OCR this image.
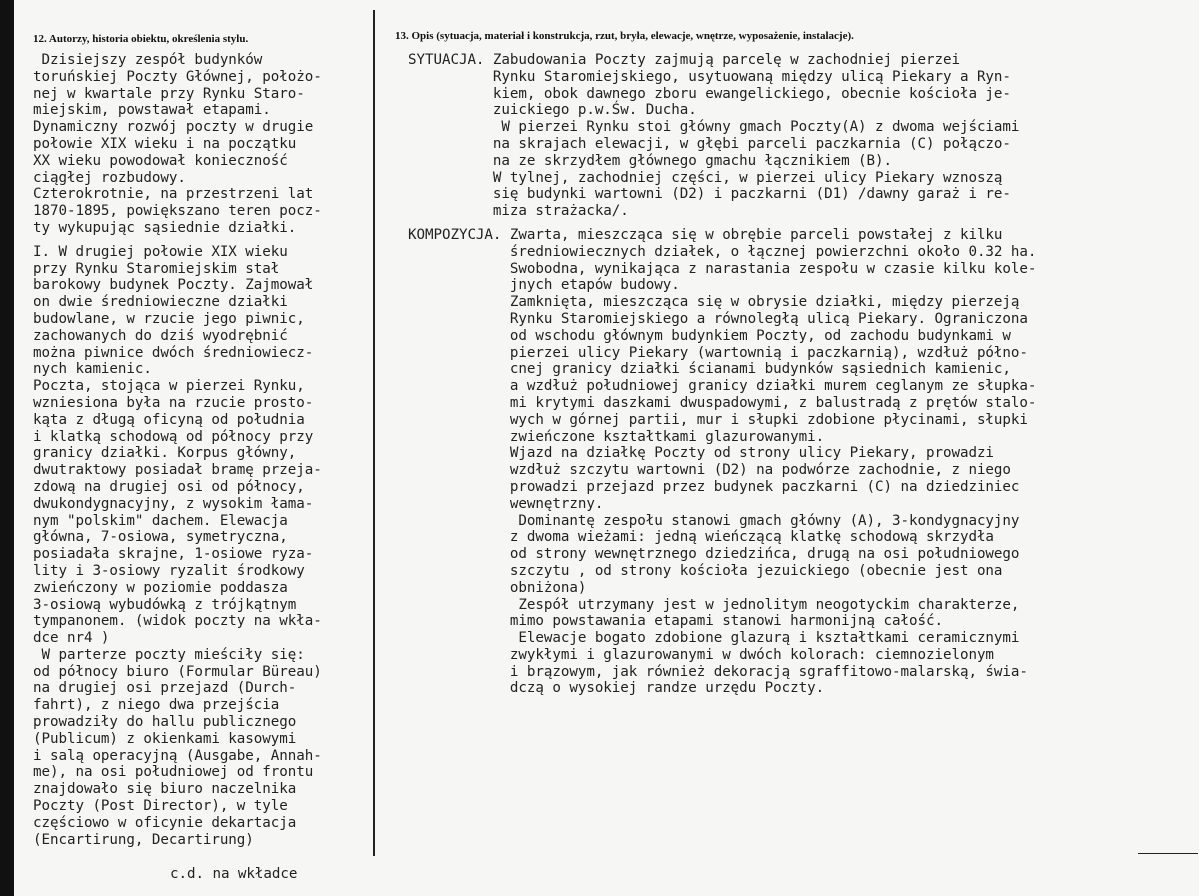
12. Autorzy, historia obiektu, określenia stylu.	13. Opis (sytuacja, materiał i konstrukcja, rzut, bryła, elewacje, wnętrze, wyposażenie, instalacje).
Dzisiejszy zespół budynków
toruńskiej Poczty Głównej, położo-
nej w kwartale przy Rynku Staro-
miejskim, powstawał etapami.
Dynamiczny rozwój poczty w drugie
połowie XIX wieku i na początku
XX wieku powodował konieczność
ciągłej rozbudowy.
Czterokrotnie, na przestrzeni lat
1870-1895, powiększano teren pocz-
ty wykupując sąsiednie działki.
I. W drugiej połowie XIX wieku
przy Rynku Staromiejskim stał
barokowy budynek Poczty. Zajmował
on dwie średniowieczne działki
budowlane, w rzucie jego piwnic,
zachowanych do dziś wyodrębnić
można piwnice dwóch średniowiecz-
nych kamienic.
Poczta, stojąca w pierzei Rynku,
wzniesiona była na rzucie prosto-
kąta z długą oficyną od południa
i klatką schodową od północy przy
granicy działki. Korpus główny,
dwutraktowy posiadał bramę przeja-
zdową na drugiej osi od północy,
dwukondygnacyjny, z wysokim łama-
nym "polskim" dachem. Elewacja
główna, 7-osiowa, symetryczna,
posiadała skrajne, 1-osiowe ryza-
lity i 3-osiowy ryzalit środkowy
zwieńczony w poziomie poddasza
3-osiową wybudówką z trójkątnym
tympanonem. (widok poczty na wkła-
dce nr4 )
W parterze poczty mieściły się:
od północy biuro (Formular Büreau)
na drugiej osi przejazd (Durch-
fahrt), z niego dwa przejścia
prowadziły do hallu publicznego
(Publicum) z okienkami kasowymi
i salą operacyjną (Ausgabe, Annah-
me), na osi południowej od frontu
znajdowało się biuro naczelnika
Poczty (Post Director), w tyle
częściowo w oficynie dekartacja
(Encartirung, Decartirung)
SYTUACJA. Zabudowania Poczty zajmują parcelę w zachodniej pierzei
Rynku Staromiejskiego, usytuowaną między ulicą Piekary a Ryn-
kiem, obok dawnego zboru ewangelickiego, obecnie kościoła je-
zuickiego p.w.Św. Ducha.
W pierzei Rynku stoi główny gmach Poczty(A) z dwoma wejściami
na skrajach elewacji, w głębi parceli paczkarnia (C) połączo-
na ze skrzydłem głównego gmachu łącznikiem (B).
W tylnej, zachodniej części, w pierzei ulicy Piekary wznoszą
się budynki wartowni (D2) i paczkarni (D1) /dawny garaż i re-
miza strażacka/.
KOMPOZYCJA. Zwarta, mieszcząca się w obrębie parceli powstałej z kilku
średniowiecznych działek, o łącznej powierzchni około 0.32 ha.
Swobodna, wynikająca z narastania zespołu w czasie kilku kole-
jnych etapów budowy.
Zamknięta, mieszcząca się w obrysie działki, między pierzeją
Rynku Staromiejskiego a równoległą ulicą Piekary. Ograniczona
od wschodu głównym budynkiem Poczty, od zachodu budynkami w
pierzei ulicy Piekary (wartownią i paczkarnią), wzdłuż półno-
cnej granicy działki ścianami budynków sąsiednich kamienic,
a wzdłuż południowej granicy działki murem ceglanym ze słupka-
mi krytymi daszkami dwuspadowymi, z balustradą z prętów stalo-
wych w górnej partii, mur i słupki zdobione płycinami, słupki
zwieńczone kształtkami glazurowanymi.
Wjazd na działkę Poczty od strony ulicy Piekary, prowadzi
wzdłuż szczytu wartowni (D2) na podwórze zachodnie, z niego
prowadzi przejazd przez budynek paczkarni (C) na dziedziniec
wewnętrzny.
Dominantę zespołu stanowi gmach główny (A), 3-kondygnacyjny
z dwoma wieżami: jedną wieńczącą klatkę schodową skrzydła
od strony wewnętrznego dziedzińca, drugą na osi południowego
szczytu , od strony kościoła jezuickiego (obecnie jest ona
obniżona)
Zespół utrzymany jest w jednolitym neogotyckim charakterze,
mimo powstawania etapami stanowi harmonijną całość.
Elewacje bogato zdobione glazurą i kształtkami ceramicznymi
zwykłymi i glazurowanymi w dwóch kolorach: ciemnozielonym
i brązowym, jak również dekoracją sgraffitowo-malarską, świa-
dczą o wysokiej randze urzędu Poczty.
c.d. na wkładce
